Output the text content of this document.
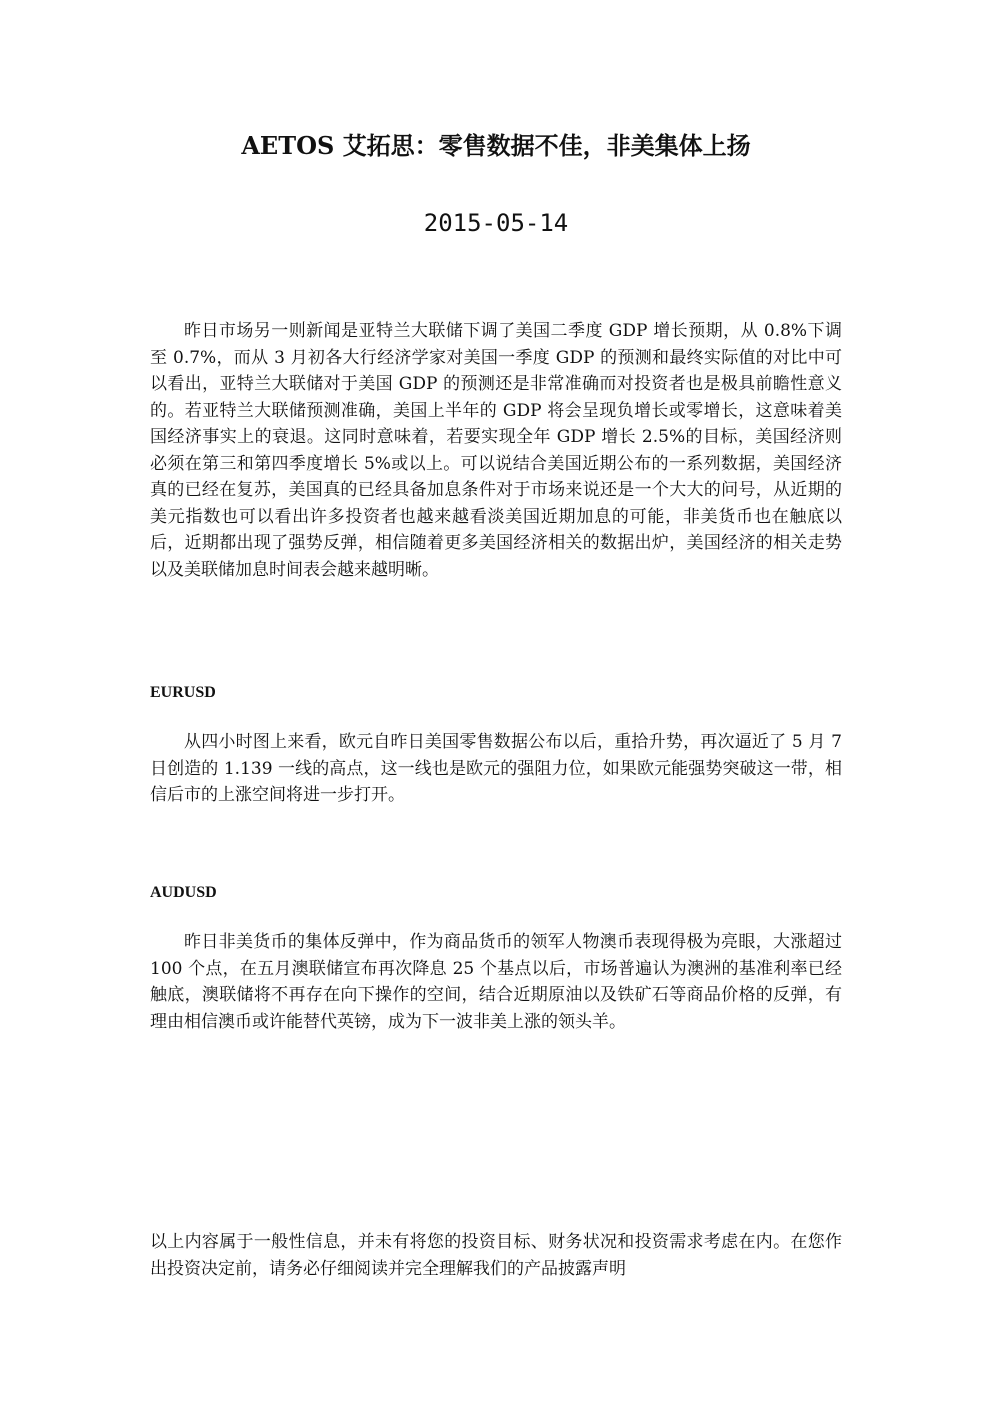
AETOS 艾拓思：零售数据不佳，非美集体上扬
2015-05-14

昨日市场另一则新闻是亚特兰大联储下调了美国二季度 GDP 增长预期，从 0.8%下调至 0.7%，而从 3 月初各大行经济学家对美国一季度 GDP 的预测和最终实际值的对比中可以看出，亚特兰大联储对于美国 GDP 的预测还是非常准确而对投资者也是极具前瞻性意义的。若亚特兰大联储预测准确，美国上半年的 GDP 将会呈现负增长或零增长，这意味着美国经济事实上的衰退。这同时意味着，若要实现全年 GDP 增长 2.5%的目标，美国经济则必须在第三和第四季度增长 5%或以上。可以说结合美国近期公布的一系列数据，美国经济真的已经在复苏，美国真的已经具备加息条件对于市场来说还是一个大大的问号，从近期的美元指数也可以看出许多投资者也越来越看淡美国近期加息的可能，非美货币也在触底以后，近期都出现了强势反弹，相信随着更多美国经济相关的数据出炉，美国经济的相关走势以及美联储加息时间表会越来越明晰。

EURUSD

从四小时图上来看，欧元自昨日美国零售数据公布以后，重拾升势，再次逼近了 5 月 7 日创造的 1.139 一线的高点，这一线也是欧元的强阻力位，如果欧元能强势突破这一带，相信后市的上涨空间将进一步打开。

AUDUSD

昨日非美货币的集体反弹中，作为商品货币的领军人物澳币表现得极为亮眼，大涨超过 100 个点，在五月澳联储宣布再次降息 25 个基点以后，市场普遍认为澳洲的基准利率已经触底，澳联储将不再存在向下操作的空间，结合近期原油以及铁矿石等商品价格的反弹，有理由相信澳币或许能替代英镑，成为下一波非美上涨的领头羊。

以上内容属于一般性信息，并未有将您的投资目标、财务状况和投资需求考虑在内。在您作出投资决定前，请务必仔细阅读并完全理解我们的产品披露声明
